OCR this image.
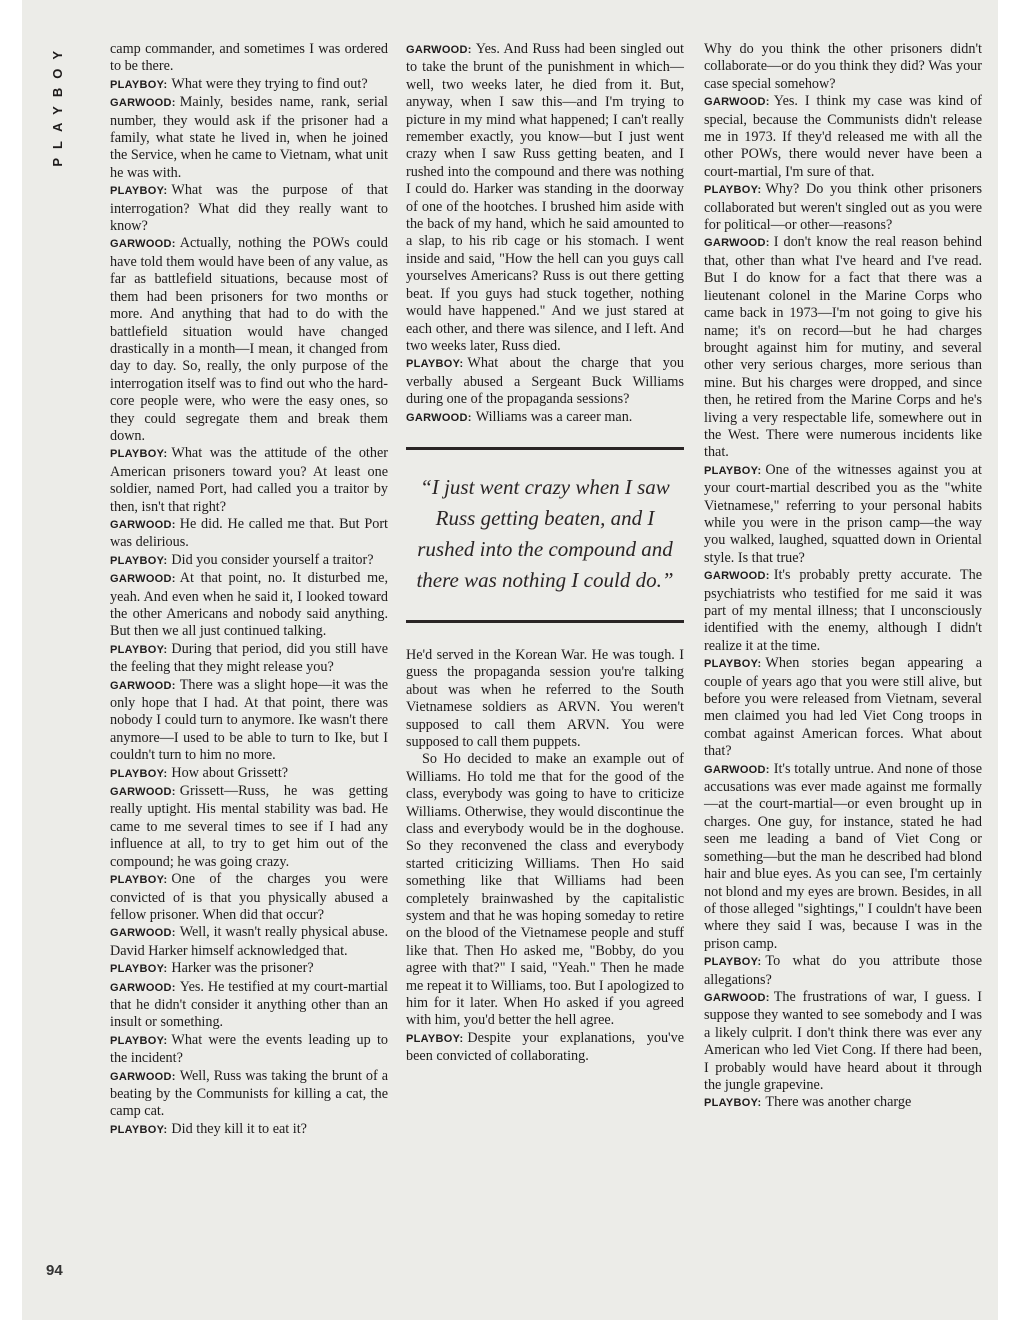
PLAYBOY	camp commander, and sometimes I was ordered to be there.

PLAYBOY: What were they trying to find out?

GARWOOD: Mainly, besides name, rank, serial number, they would ask if the prisoner had a family, what state he lived in, when he joined the Service, when he came to Vietnam, what unit he was with.

PLAYBOY: What was the purpose of that interrogation? What did they really want to know?

GARWOOD: Actually, nothing the POWs could have told them would have been of any value, as far as battlefield situations, because most of them had been prisoners for two months or more. And anything that had to do with the battlefield situation would have changed drastically in a month—I mean, it changed from day to day. So, really, the only purpose of the interrogation itself was to find out who the hard-core people were, who were the easy ones, so they could segregate them and break them down.

PLAYBOY: What was the attitude of the other American prisoners toward you? At least one soldier, named Port, had called you a traitor by then, isn't that right?

GARWOOD: He did. He called me that. But Port was delirious.

PLAYBOY: Did you consider yourself a traitor?

GARWOOD: At that point, no. It disturbed me, yeah. And even when he said it, I looked toward the other Americans and nobody said anything. But then we all just continued talking.

PLAYBOY: During that period, did you still have the feeling that they might release you?

GARWOOD: There was a slight hope—it was the only hope that I had. At that point, there was nobody I could turn to anymore. Ike wasn't there anymore—I used to be able to turn to Ike, but I couldn't turn to him no more.

PLAYBOY: How about Grissett?

GARWOOD: Grissett—Russ, he was getting really uptight. His mental stability was bad. He came to me several times to see if I had any influence at all, to try to get him out of the compound; he was going crazy.

PLAYBOY: One of the charges you were convicted of is that you physically abused a fellow prisoner. When did that occur?

GARWOOD: Well, it wasn't really physical abuse. David Harker himself acknowledged that.

PLAYBOY: Harker was the prisoner?

GARWOOD: Yes. He testified at my court-martial that he didn't consider it anything other than an insult or something.

PLAYBOY: What were the events leading up to the incident?

GARWOOD: Well, Russ was taking the brunt of a beating by the Communists for killing a cat, the camp cat.

PLAYBOY: Did they kill it to eat it?

GARWOOD: Yes. And Russ had been singled out to take the brunt of the punishment in which—well, two weeks later, he died from it. But, anyway, when I saw this—and I'm trying to picture in my mind what happened; I can't really remember exactly, you know—but I just went crazy when I saw Russ getting beaten, and I rushed into the compound and there was nothing I could do. Harker was standing in the doorway of one of the hootches. I brushed him aside with the back of my hand, which he said amounted to a slap, to his rib cage or his stomach. I went inside and said, "How the hell can you guys call yourselves Americans? Russ is out there getting beat. If you guys had stuck together, nothing would have happened." And we just stared at each other, and there was silence, and I left. And two weeks later, Russ died.

PLAYBOY: What about the charge that you verbally abused a Sergeant Buck Williams during one of the propaganda sessions?

GARWOOD: Williams was a career man.

“I just went crazy when I saw Russ getting beaten, and I rushed into the compound and there was nothing I could do.”

He'd served in the Korean War. He was tough. I guess the propaganda session you're talking about was when he referred to the South Vietnamese soldiers as ARVN. You weren't supposed to call them ARVN. You were supposed to call them puppets.

So Ho decided to make an example out of Williams. Ho told me that for the good of the class, everybody was going to have to criticize Williams. Otherwise, they would discontinue the class and everybody would be in the doghouse. So they reconvened the class and everybody started criticizing Williams. Then Ho said something like that Williams had been completely brainwashed by the capitalistic system and that he was hoping someday to retire on the blood of the Vietnamese people and stuff like that. Then Ho asked me, "Bobby, do you agree with that?" I said, "Yeah." Then he made me repeat it to Williams, too. But I apologized to him for it later. When Ho asked if you agreed with him, you'd better the hell agree.

PLAYBOY: Despite your explanations, you've been convicted of collaborating.

Why do you think the other prisoners didn't collaborate—or do you think they did? Was your case special somehow?

GARWOOD: Yes. I think my case was kind of special, because the Communists didn't release me in 1973. If they'd released me with all the other POWs, there would never have been a court-martial, I'm sure of that.

PLAYBOY: Why? Do you think other prisoners collaborated but weren't singled out as you were for political—or other—reasons?

GARWOOD: I don't know the real reason behind that, other than what I've heard and I've read. But I do know for a fact that there was a lieutenant colonel in the Marine Corps who came back in 1973—I'm not going to give his name; it's on record—but he had charges brought against him for mutiny, and several other very serious charges, more serious than mine. But his charges were dropped, and since then, he retired from the Marine Corps and he's living a very respectable life, somewhere out in the West. There were numerous incidents like that.

PLAYBOY: One of the witnesses against you at your court-martial described you as the "white Vietnamese," referring to your personal habits while you were in the prison camp—the way you walked, laughed, squatted down in Oriental style. Is that true?

GARWOOD: It's probably pretty accurate. The psychiatrists who testified for me said it was part of my mental illness; that I unconsciously identified with the enemy, although I didn't realize it at the time.

PLAYBOY: When stories began appearing a couple of years ago that you were still alive, but before you were released from Vietnam, several men claimed you had led Viet Cong troops in combat against American forces. What about that?

GARWOOD: It's totally untrue. And none of those accusations was ever made against me formally—at the court-martial—or even brought up in charges. One guy, for instance, stated he had seen me leading a band of Viet Cong or something—but the man he described had blond hair and blue eyes. As you can see, I'm certainly not blond and my eyes are brown. Besides, in all of those alleged "sightings," I couldn't have been where they said I was, because I was in the prison camp.

PLAYBOY: To what do you attribute those allegations?

GARWOOD: The frustrations of war, I guess. I suppose they wanted to see somebody and I was a likely culprit. I don't think there was ever any American who led Viet Cong. If there had been, I probably would have heard about it through the jungle grapevine.

PLAYBOY: There was another charge

94
